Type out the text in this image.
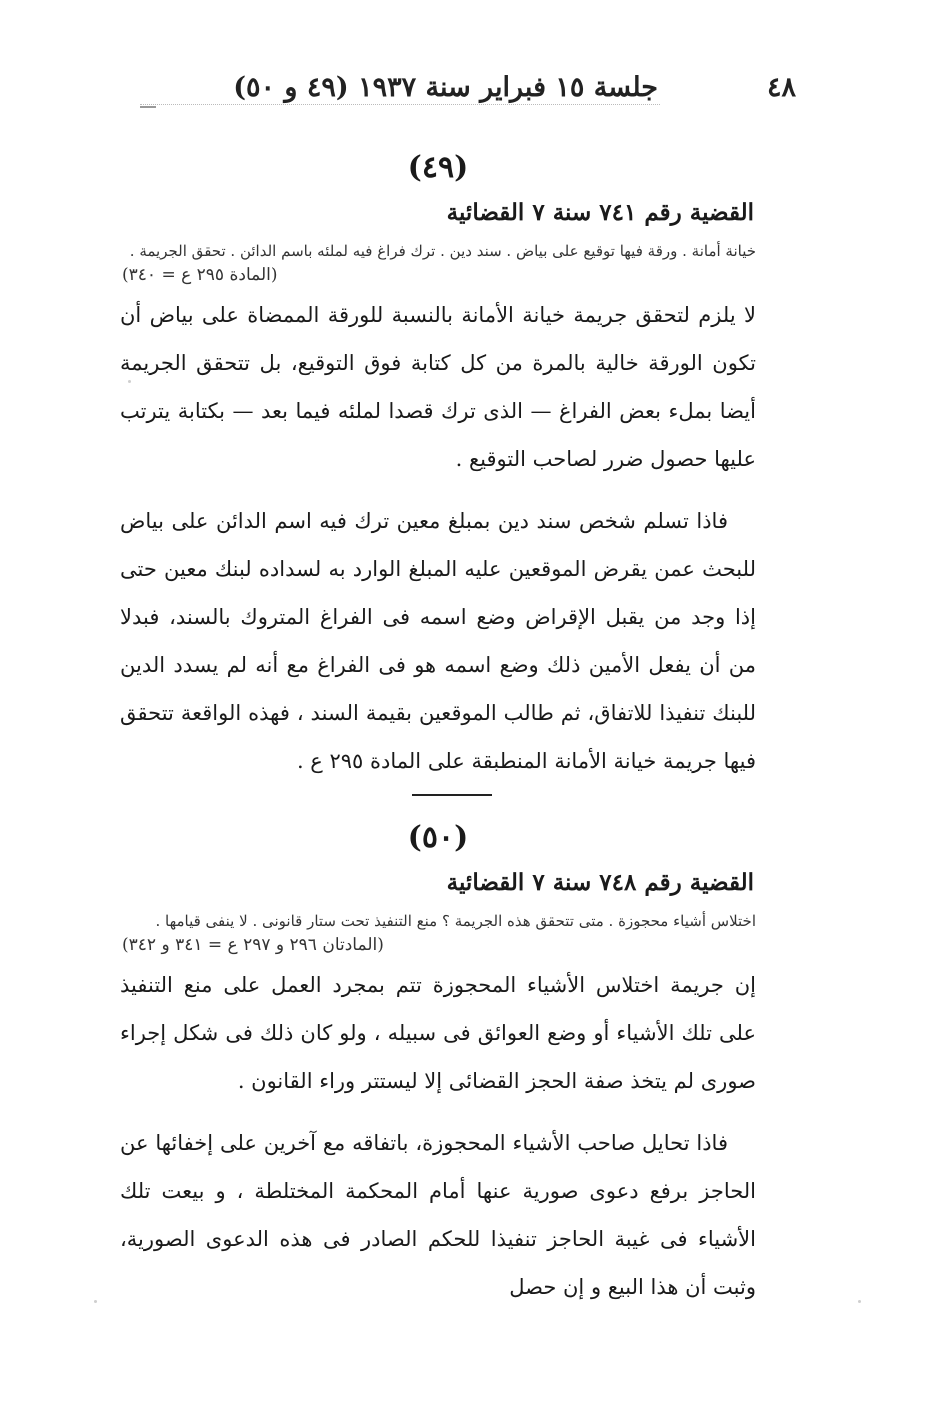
٤٨
جلسة ١٥ فبراير سنة ١٩٣٧ (٤٩ و ٥٠)
(٤٩)
القضية رقم ٧٤١ سنة ٧ القضائية
خيانة أمانة . ورقة فيها توقيع على بياض . سند دين . ترك فراغ فيه لملئه باسم الدائن . تحقق الجريمة .
(المادة ٢٩٥ ع = ٣٤٠)

لا يلزم لتحقق جريمة خيانة الأمانة بالنسبة للورقة الممضاة على بياض أن تكون الورقة خالية بالمرة من كل كتابة فوق التوقيع، بل تتحقق الجريمة أيضا بملء بعض الفراغ — الذى ترك قصدا لملئه فيما بعد — بكتابة يترتب عليها حصول ضرر لصاحب التوقيع .

فاذا تسلم شخص سند دين بمبلغ معين ترك فيه اسم الدائن على بياض للبحث عمن يقرض الموقعين عليه المبلغ الوارد به لسداده لبنك معين حتى إذا وجد من يقبل الإقراض وضع اسمه فى الفراغ المتروك بالسند، فبدلا من أن يفعل الأمين ذلك وضع اسمه هو فى الفراغ مع أنه لم يسدد الدين للبنك تنفيذا للاتفاق، ثم طالب الموقعين بقيمة السند ، فهذه الواقعة تتحقق فيها جريمة خيانة الأمانة المنطبقة على المادة ٢٩٥ ع .

(٥٠)
القضية رقم ٧٤٨ سنة ٧ القضائية
اختلاس أشياء محجوزة . متى تتحقق هذه الجريمة ؟ منع التنفيذ تحت ستار قانونى . لا ينفى قيامها .
(المادتان ٢٩٦ و ٢٩٧ ع = ٣٤١ و ٣٤٢)

إن جريمة اختلاس الأشياء المحجوزة تتم بمجرد العمل على منع التنفيذ على تلك الأشياء أو وضع العوائق فى سبيله ، ولو كان ذلك فى شكل إجراء صورى لم يتخذ صفة الحجز القضائى إلا ليستتر وراء القانون .

فاذا تحايل صاحب الأشياء المحجوزة، باتفاقه مع آخرين على إخفائها عن الحاجز برفع دعوى صورية عنها أمام المحكمة المختلطة ، و بيعت تلك الأشياء فى غيبة الحاجز تنفيذا للحكم الصادر فى هذه الدعوى الصورية، وثبت أن هذا البيع و إن حصل
